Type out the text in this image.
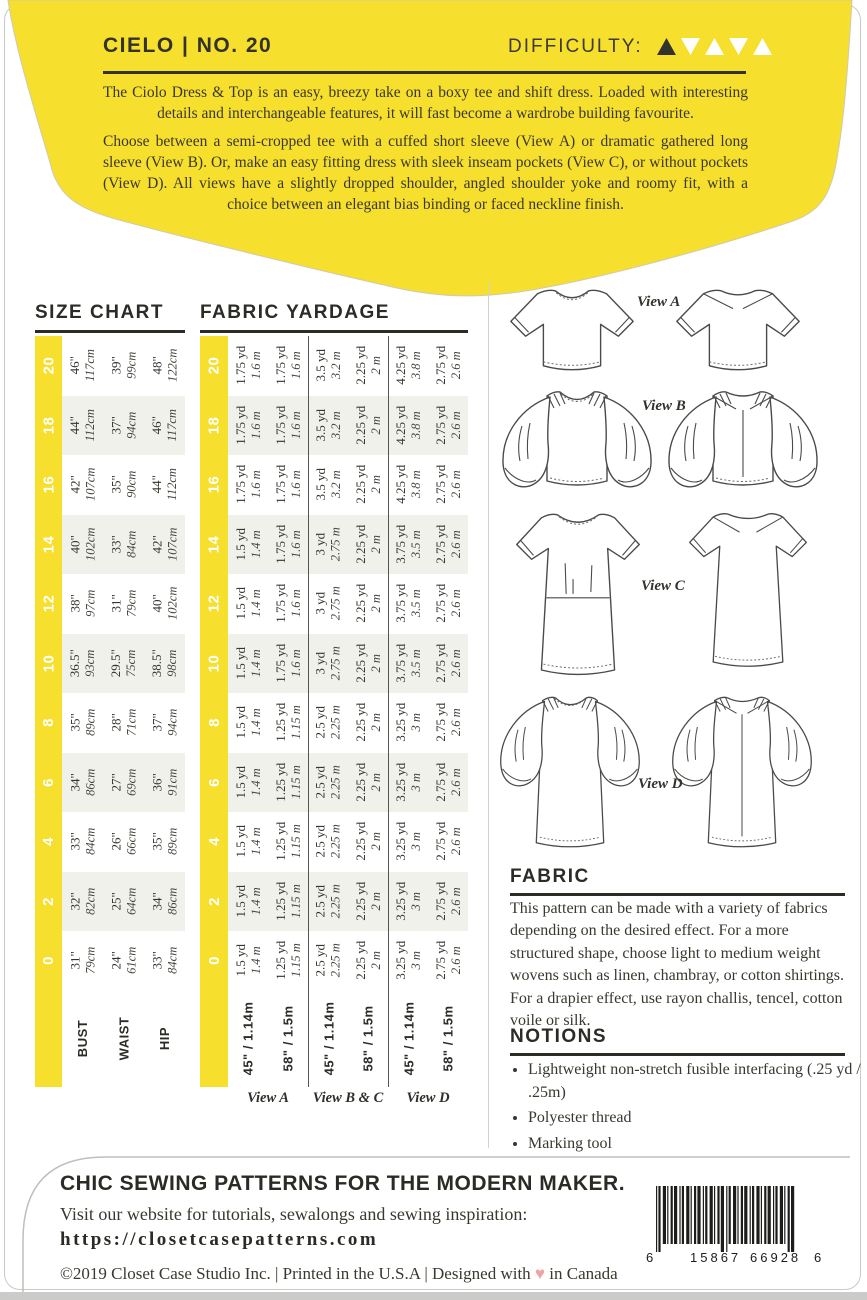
CIELO | NO. 20	DIFFICULTY:
The Ciolo Dress & Top is an easy, breezy take on a boxy tee and shift dress. Loaded with interesting details and interchangeable features, it will fast become a wardrobe building favourite.
Choose between a semi-cropped tee with a cuffed short sleeve (View A) or dramatic gathered long sleeve (View B). Or, make an easy fitting dress with sleek inseam pockets (View C), or without pockets (View D). All views have a slightly dropped shoulder, angled shoulder yoke and roomy fit, with a choice between an elegant bias binding or faced neckline finish.
SIZE CHART FABRIC YARDAGE
20 46" 117cm 39" 99cm 48" 122cm
18 44" 112cm 37" 94cm 46" 117cm
16 42" 107cm 35" 90cm 44" 112cm
14 40" 102cm 33" 84cm 42" 107cm
12 38" 97cm 31" 79cm 40" 102cm
10 36.5" 93cm 29.5" 75cm 38.5" 98cm
8 35" 89cm 28" 71cm 37" 94cm
6 34" 86cm 27" 69cm 36" 91cm
4 33" 84cm 26" 66cm 35" 89cm
2 32" 82cm 25" 64cm 34" 86cm
0 31" 79cm 24" 61cm 33" 84cm
BUST WAIST HIP
20 1.75 yd 1.6 m 1.75 yd 1.6 m 3.5 yd 3.2 m 2.25 yd 2 m 4.25 yd 3.8 m 2.75 yd 2.6 m
18 1.75 yd 1.6 m 1.75 yd 1.6 m 3.5 yd 3.2 m 2.25 yd 2 m 4.25 yd 3.8 m 2.75 yd 2.6 m
16 1.75 yd 1.6 m 1.75 yd 1.6 m 3.5 yd 3.2 m 2.25 yd 2 m 4.25 yd 3.8 m 2.75 yd 2.6 m
14 1.5 yd 1.4 m 1.75 yd 1.6 m 3 yd 2.75 m 2.25 yd 2 m 3.75 yd 3.5 m 2.75 yd 2.6 m
12 1.5 yd 1.4 m 1.75 yd 1.6 m 3 yd 2.75 m 2.25 yd 2 m 3.75 yd 3.5 m 2.75 yd 2.6 m
10 1.5 yd 1.4 m 1.75 yd 1.6 m 3 yd 2.75 m 2.25 yd 2 m 3.75 yd 3.5 m 2.75 yd 2.6 m
8 1.5 yd 1.4 m 1.25 yd 1.15 m 2.5 yd 2.25 m 2.25 yd 2 m 3.25 yd 3 m 2.75 yd 2.6 m
6 1.5 yd 1.4 m 1.25 yd 1.15 m 2.5 yd 2.25 m 2.25 yd 2 m 3.25 yd 3 m 2.75 yd 2.6 m
4 1.5 yd 1.4 m 1.25 yd 1.15 m 2.5 yd 2.25 m 2.25 yd 2 m 3.25 yd 3 m 2.75 yd 2.6 m
2 1.5 yd 1.4 m 1.25 yd 1.15 m 2.5 yd 2.25 m 2.25 yd 2 m 3.25 yd 3 m 2.75 yd 2.6 m
0 1.5 yd 1.4 m 1.25 yd 1.15 m 2.5 yd 2.25 m 2.25 yd 2 m 3.25 yd 3 m 2.75 yd 2.6 m
45" / 1.14m 58" / 1.5m 45" / 1.14m 58" / 1.5m 45" / 1.14m 58" / 1.5m
View A	View B & C	View D
View A
View B
View C
View D
FABRIC
This pattern can be made with a variety of fabrics depending on the desired effect. For a more structured shape, choose light to medium weight wovens such as linen, chambray, or cotton shirtings. For a drapier effect, use rayon challis, tencel, cotton voile or silk.
NOTIONS
• Lightweight non-stretch fusible interfacing (.25 yd / .25m)
• Polyester thread
• Marking tool
CHIC SEWING PATTERNS FOR THE MODERN MAKER.
Visit our website for tutorials, sewalongs and sewing inspiration:
https://closetcasepatterns.com
©2019 Closet Case Studio Inc. | Printed in the U.S.A | Designed with ♥ in Canada
6	15867 66928 6
